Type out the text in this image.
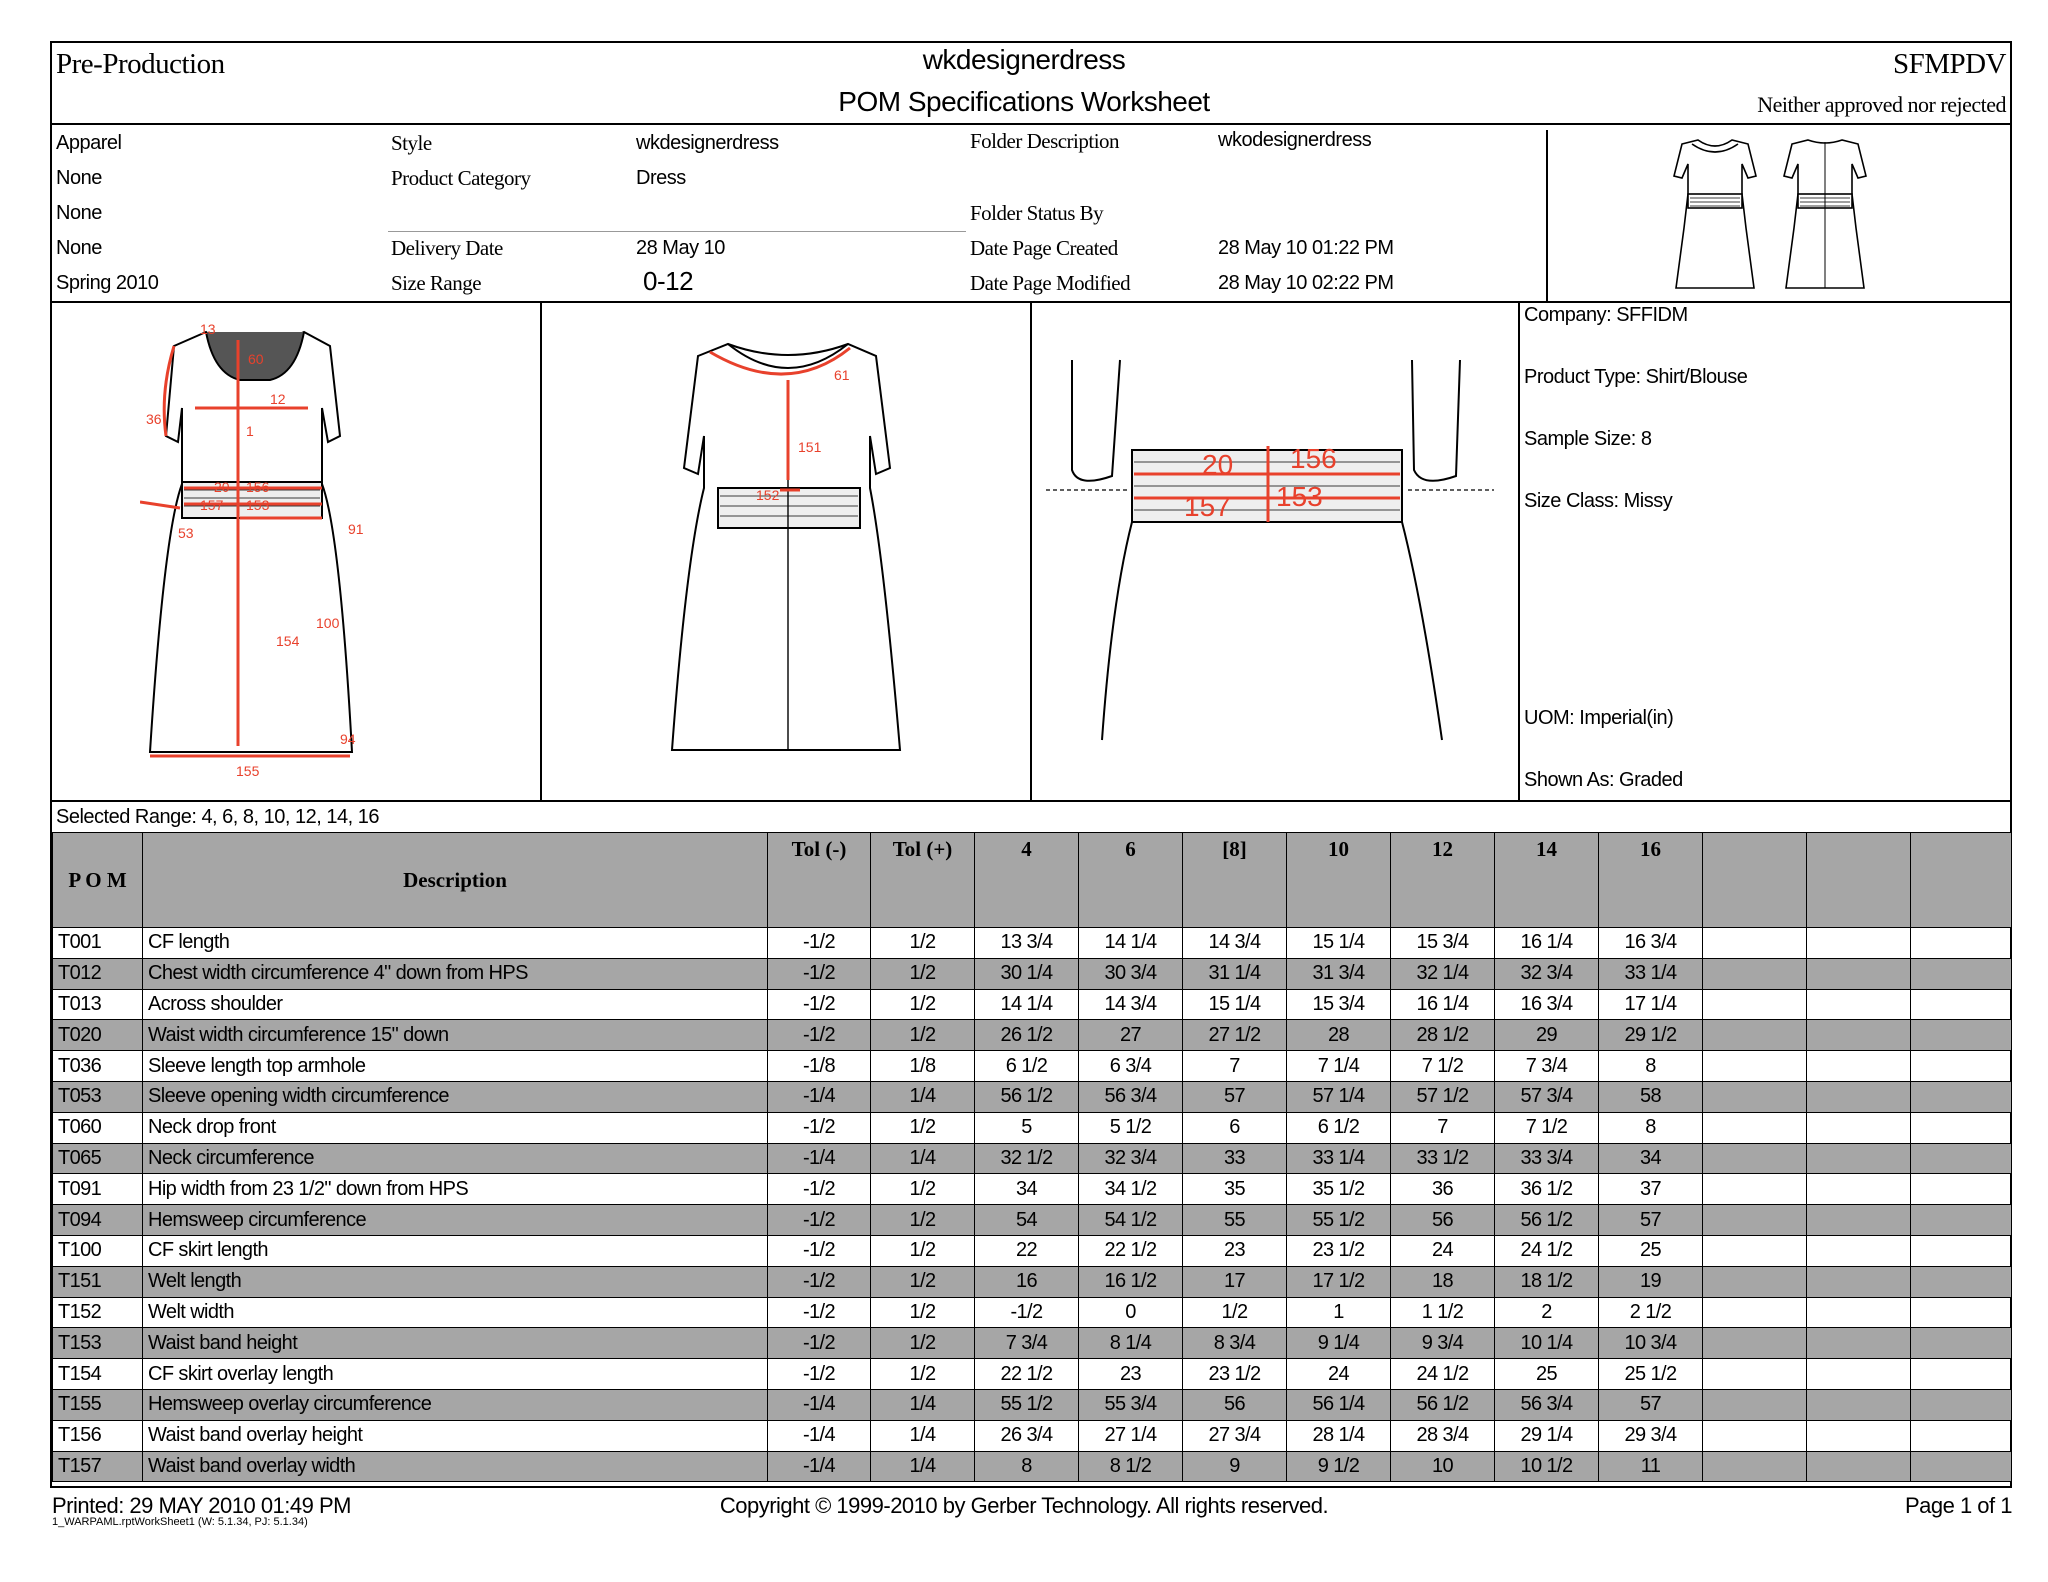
Pre-Production	wkdesignerdress
POM Specifications Worksheet
SFMPDV
Neither approved nor rejected
Apparel
None
None
None
Spring 2010
Style	wkdesignerdress
Product Category	Dress
Delivery Date	28 May 10
Size Range	0-12
Folder Description	wkodesignerdress
Folder Status By
Date Page Created	28 May 10 01:22 PM
Date Page Modified	28 May 10 02:22 PM
13
60
36
12
1
20 156
157 153
53	91
100
154
94
155
61
151
152
20 156
157 153
Company: SFFIDM
Product Type: Shirt/Blouse
Sample Size: 8
Size Class: Missy
UOM: Imperial(in)
Shown As: Graded
Selected Range: 4, 6, 8, 10, 12, 14, 16
P O M	Description	Tol (-)	Tol (+)	4	6	[8]	10	12	14	16			
T001	CF length	-1/2	1/2	13 3/4	14 1/4	14 3/4	15 1/4	15 3/4	16 1/4	16 3/4			
T012	Chest width circumference 4" down from HPS	-1/2	1/2	30 1/4	30 3/4	31 1/4	31 3/4	32 1/4	32 3/4	33 1/4			
T013	Across shoulder	-1/2	1/2	14 1/4	14 3/4	15 1/4	15 3/4	16 1/4	16 3/4	17 1/4			
T020	Waist width circumference 15" down	-1/2	1/2	26 1/2	27	27 1/2	28	28 1/2	29	29 1/2			
T036	Sleeve length top armhole	-1/8	1/8	6 1/2	6 3/4	7	7 1/4	7 1/2	7 3/4	8			
T053	Sleeve opening width circumference	-1/4	1/4	56 1/2	56 3/4	57	57 1/4	57 1/2	57 3/4	58			
T060	Neck drop front	-1/2	1/2	5	5 1/2	6	6 1/2	7	7 1/2	8			
T065	Neck circumference	-1/4	1/4	32 1/2	32 3/4	33	33 1/4	33 1/2	33 3/4	34			
T091	Hip width from 23 1/2" down from HPS	-1/2	1/2	34	34 1/2	35	35 1/2	36	36 1/2	37			
T094	Hemsweep circumference	-1/2	1/2	54	54 1/2	55	55 1/2	56	56 1/2	57			
T100	CF skirt length	-1/2	1/2	22	22 1/2	23	23 1/2	24	24 1/2	25			
T151	Welt length	-1/2	1/2	16	16 1/2	17	17 1/2	18	18 1/2	19			
T152	Welt width	-1/2	1/2	-1/2	0	1/2	1	1 1/2	2	2 1/2			
T153	Waist band height	-1/2	1/2	7 3/4	8 1/4	8 3/4	9 1/4	9 3/4	10 1/4	10 3/4			
T154	CF skirt overlay length	-1/2	1/2	22 1/2	23	23 1/2	24	24 1/2	25	25 1/2			
T155	Hemsweep overlay circumference	-1/4	1/4	55 1/2	55 3/4	56	56 1/4	56 1/2	56 3/4	57			
T156	Waist band overlay height	-1/4	1/4	26 3/4	27 1/4	27 3/4	28 1/4	28 3/4	29 1/4	29 3/4			
T157	Waist band overlay width	-1/4	1/4	8	8 1/2	9	9 1/2	10	10 1/2	11			
Printed: 29 MAY 2010 01:49 PM
1_WARPAML.rptWorkSheet1 (W: 5.1.34, PJ: 5.1.34)
Copyright © 1999-2010 by Gerber Technology. All rights reserved.	Page 1 of 1
